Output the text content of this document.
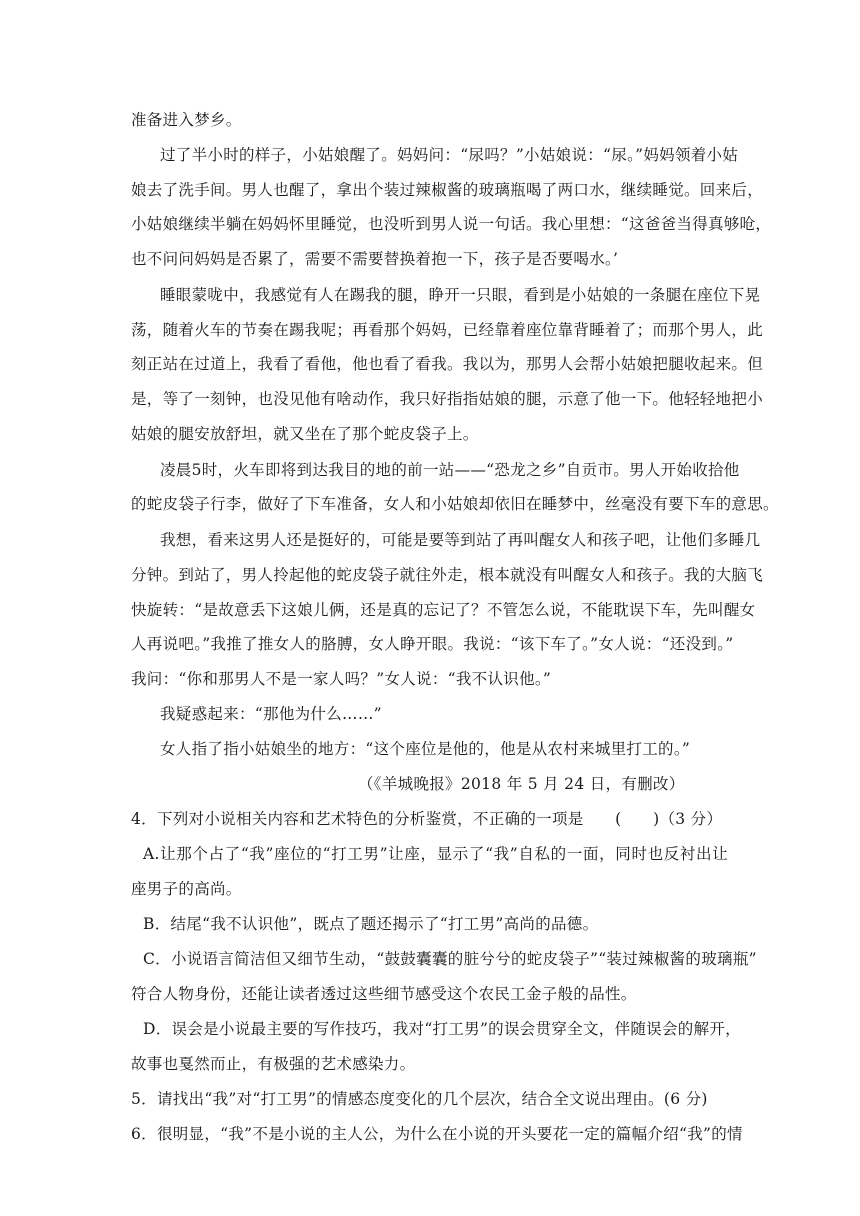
准备进入梦乡。
过了半小时的样子，小姑娘醒了。妈妈问：“尿吗？”小姑娘说：“尿。”妈妈领着小姑
娘去了洗手间。男人也醒了，拿出个装过辣椒酱的玻璃瓶喝了两口水，继续睡觉。回来后，
小姑娘继续半躺在妈妈怀里睡觉，也没听到男人说一句话。我心里想：“这爸爸当得真够呛，
也不问问妈妈是否累了，需要不需要替换着抱一下，孩子是否要喝水。’
睡眼蒙咙中，我感觉有人在踢我的腿，睁开一只眼，看到是小姑娘的一条腿在座位下晃
荡，随着火车的节奏在踢我呢；再看那个妈妈，已经靠着座位靠背睡着了；而那个男人，此
刻正站在过道上，我看了看他，他也看了看我。我以为，那男人会帮小姑娘把腿收起来。但
是，等了一刻钟，也没见他有啥动作，我只好指指姑娘的腿，示意了他一下。他轻轻地把小
姑娘的腿安放舒坦，就又坐在了那个蛇皮袋子上。
凌晨5时，火车即将到达我目的地的前一站——“恐龙之乡”自贡市。男人开始收拾他
的蛇皮袋子行李，做好了下车准备，女人和小姑娘却依旧在睡梦中，丝毫没有要下车的意思。
我想，看来这男人还是挺好的，可能是要等到站了再叫醒女人和孩子吧，让他们多睡几
分钟。到站了，男人拎起他的蛇皮袋子就往外走，根本就没有叫醒女人和孩子。我的大脑飞
快旋转：“是故意丢下这娘儿俩，还是真的忘记了？不管怎么说，不能耽误下车，先叫醒女
人再说吧。”我推了推女人的胳膊，女人睁开眼。我说：“该下车了。”女人说：“还没到。”
我问：“你和那男人不是一家人吗？”女人说：“我不认识他。”
我疑惑起来：“那他为什么……”
女人指了指小姑娘坐的地方：“这个座位是他的，他是从农村来城里打工的。”
（《羊城晚报》2018 年 5 月 24 日，有删改）
4．下列对小说相关内容和艺术特色的分析鉴赏，不正确的一项是　　(　　)（3 分）
A.让那个占了“我”座位的“打工男”让座，显示了“我”自私的一面，同时也反衬出让
座男子的高尚。
B．结尾“我不认识他”，既点了题还揭示了“打工男”高尚的品德。
C．小说语言简洁但又细节生动，“鼓鼓囊囊的脏兮兮的蛇皮袋子”“装过辣椒酱的玻璃瓶”
符合人物身份，还能让读者透过这些细节感受这个农民工金子般的品性。
D．误会是小说最主要的写作技巧，我对“打工男”的误会贯穿全文，伴随误会的解开，
故事也戛然而止，有极强的艺术感染力。
5．请找出“我”对“打工男”的情感态度变化的几个层次，结合全文说出理由。(6 分)
6．很明显，“我”不是小说的主人公，为什么在小说的开头要花一定的篇幅介绍“我”的情
